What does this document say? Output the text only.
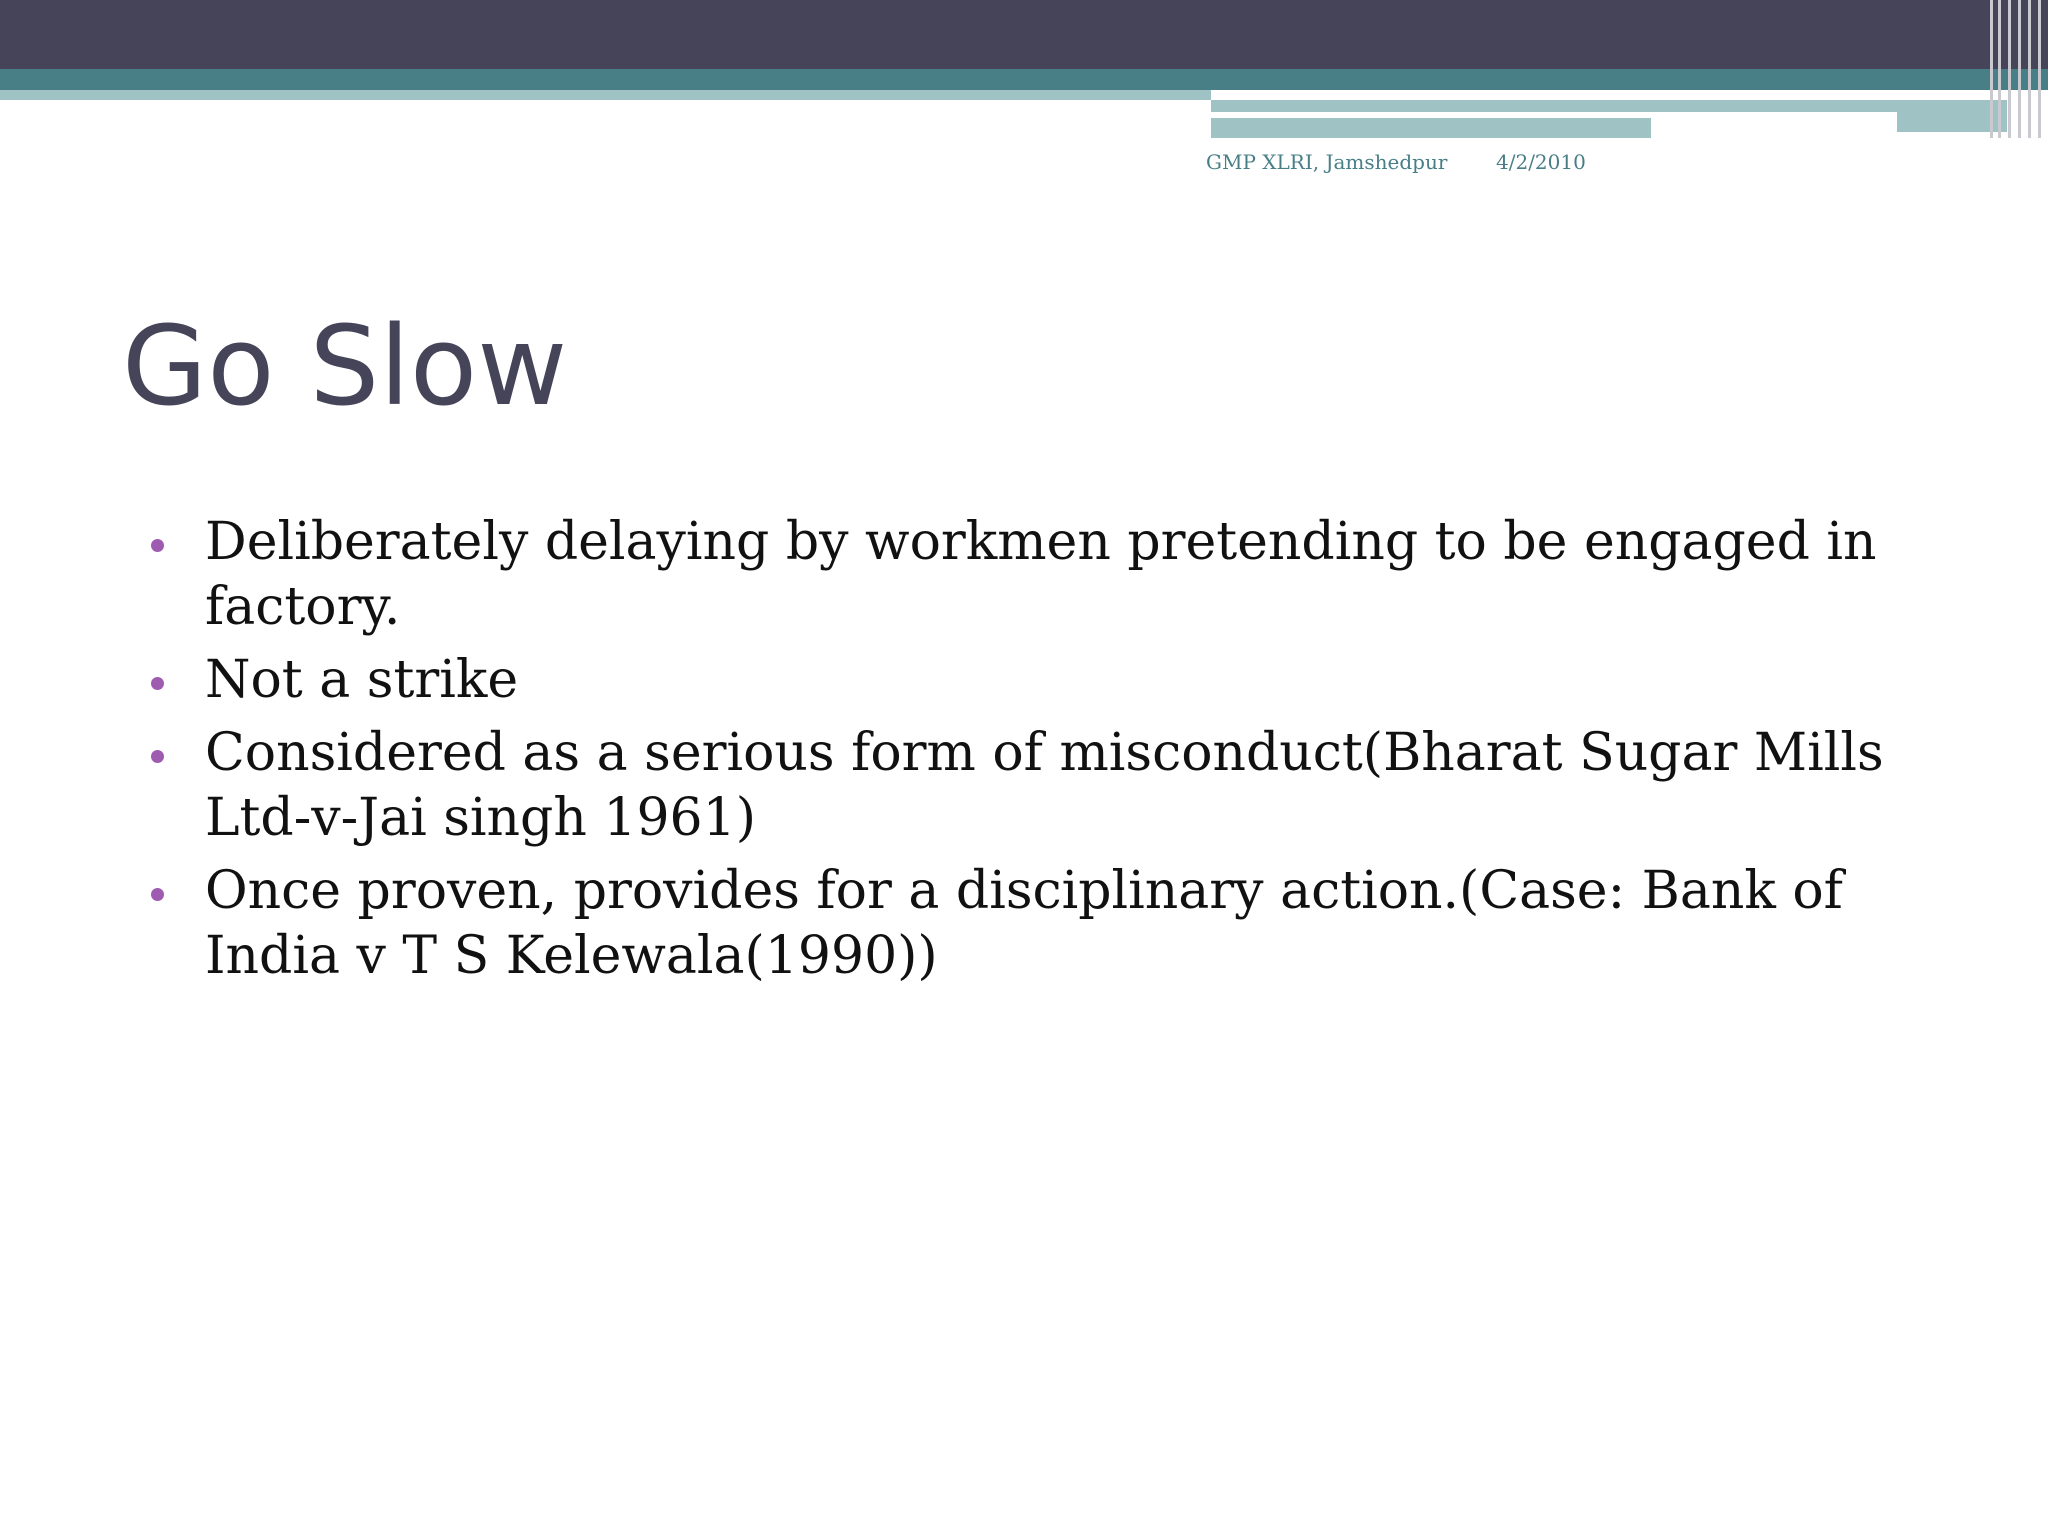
GMP XLRI, Jamshedpur 4/2/2010
Go Slow
Deliberately delaying by workmen pretending to be engaged in factory.
Not a strike
Considered as a serious form of misconduct(Bharat Sugar Mills Ltd-v-Jai singh 1961)
Once proven, provides for a disciplinary action.(Case: Bank of India v T S Kelewala(1990))
